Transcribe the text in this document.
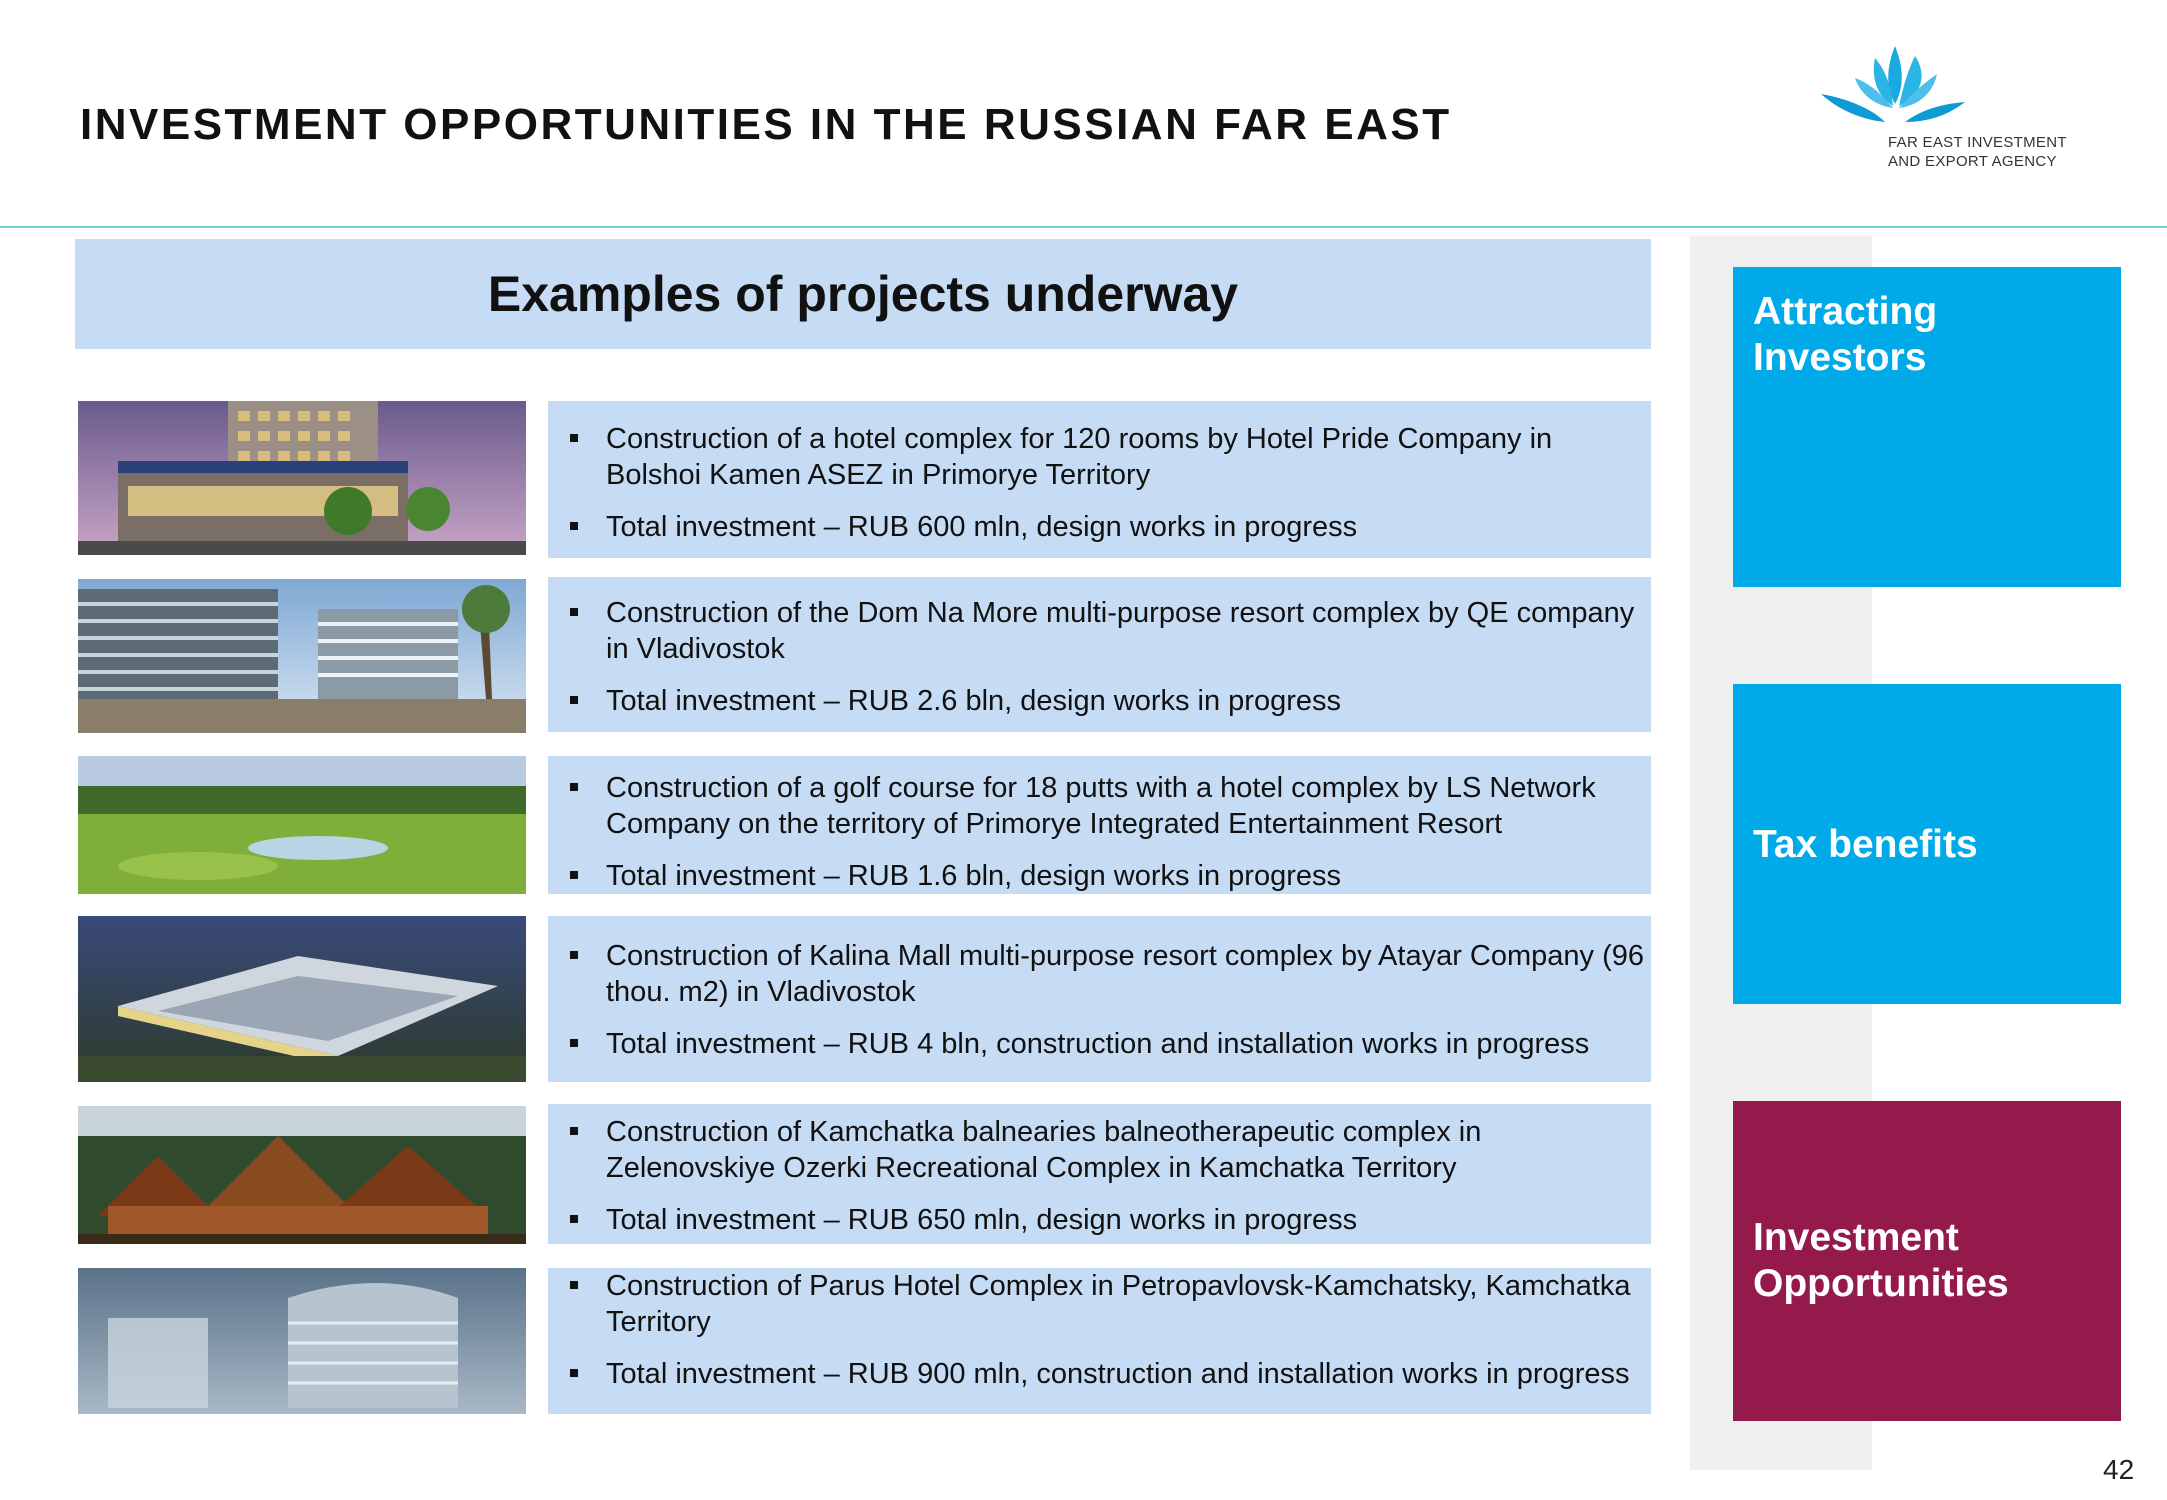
INVESTMENT OPPORTUNITIES IN THE RUSSIAN FAR EAST	FAR EAST INVESTMENT
AND EXPORT AGENCY
Examples of projects underway
Construction of a hotel complex for 120 rooms by Hotel Pride Company in Bolshoi Kamen ASEZ in Primorye Territory
Total investment – RUB 600 mln, design works in progress
Construction of the Dom Na More multi-purpose resort complex by QE company in Vladivostok
Total investment – RUB 2.6 bln, design works in progress
Construction of a golf course for 18 putts with a hotel complex by LS Network Company on the territory of Primorye Integrated Entertainment Resort
Total investment – RUB 1.6 bln, design works in progress
Construction of Kalina Mall multi-purpose resort complex by Atayar Company (96 thou. m2) in Vladivostok
Total investment – RUB 4 bln, construction and installation works in progress
Construction of Kamchatka balnearies balneotherapeutic complex in Zelenovskiye Ozerki Recreational Complex in Kamchatka Territory
Total investment – RUB 650 mln, design works in progress
Construction of Parus Hotel Complex in Petropavlovsk-Kamchatsky, Kamchatka Territory
Total investment – RUB 900 mln, construction and installation works in progress
Attracting
Investors
Tax benefits
Investment
Opportunities
42
